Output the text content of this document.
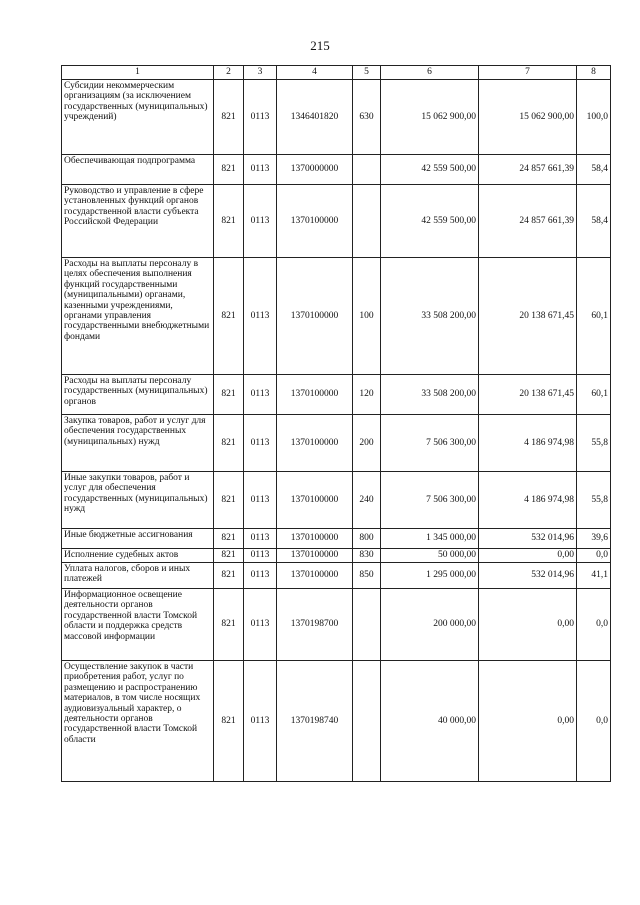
215
1	2	3	4	5	6	7	8
Субсидии некоммерческим организациям (за исключением государственных (муниципальных) учреждений)	821	0113	1346401820	630	15 062 900,00	15 062 900,00	100,0
Обеспечивающая подпрограмма	821	0113	1370000000		42 559 500,00	24 857 661,39	58,4
Руководство и управление в сфере установленных функций органов государственной власти субъекта Российской Федерации	821	0113	1370100000		42 559 500,00	24 857 661,39	58,4
Расходы на выплаты персоналу в целях обеспечения выполнения функций государственными (муниципальными) органами, казенными учреждениями, органами управления государственными внебюджетными фондами	821	0113	1370100000	100	33 508 200,00	20 138 671,45	60,1
Расходы на выплаты персоналу государственных (муниципальных) органов	821	0113	1370100000	120	33 508 200,00	20 138 671,45	60,1
Закупка товаров, работ и услуг для обеспечения государственных (муниципальных) нужд	821	0113	1370100000	200	7 506 300,00	4 186 974,98	55,8
Иные закупки товаров, работ и услуг для обеспечения государственных (муниципальных) нужд	821	0113	1370100000	240	7 506 300,00	4 186 974,98	55,8
Иные бюджетные ассигнования	821	0113	1370100000	800	1 345 000,00	532 014,96	39,6
Исполнение судебных актов	821	0113	1370100000	830	50 000,00	0,00	0,0
Уплата налогов, сборов и иных платежей	821	0113	1370100000	850	1 295 000,00	532 014,96	41,1
Информационное освещение деятельности органов государственной власти Томской области и поддержка средств массовой информации	821	0113	1370198700		200 000,00	0,00	0,0
Осуществление закупок в части приобретения работ, услуг по размещению и распространению материалов, в том числе носящих аудиовизуальный характер, о деятельности органов государственной власти Томской области	821	0113	1370198740		40 000,00	0,00	0,0
